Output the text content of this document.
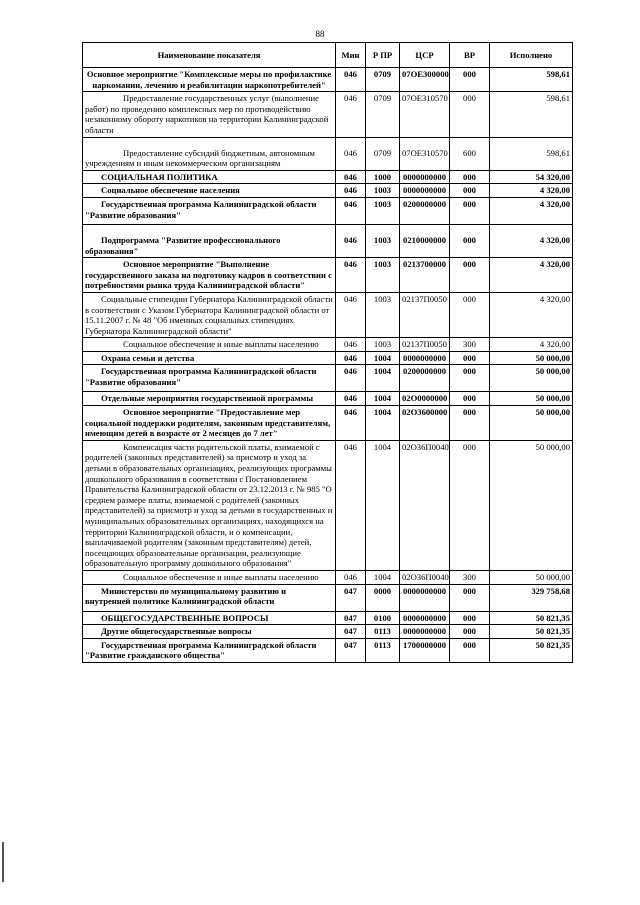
88
Наименование показателя	Мин	Р ПР	ЦСР	ВР	Исполнено
Основное мероприятие "Комплексные меры по профилактике наркомании, лечению и реабилитации наркопотребителей"	046	0709	07ОЕ300000	000	598,61
Предоставление государственных услуг (выполнение работ) по проведению комплексных мер по противодействию незаконному обороту наркотиков на территории Калининградской области	046	0709	07ОЕ310570	000	598,61
Предоставление субсидий бюджетным, автономным учреждениям и иным некоммерческим организациям	046	0709	07ОЕ310570	600	598,61
СОЦИАЛЬНАЯ ПОЛИТИКА	046	1000	0000000000	000	54 320,00
Социальное обеспечение населения	046	1003	0000000000	000	4 320,00
Государственная программа Калининградской области "Развитие образования"	046	1003	0200000000	000	4 320,00
Подпрограмма "Развитие профессионального образования"	046	1003	0210000000	000	4 320,00
Основное мероприятие "Выполнение государственного заказа на подготовку кадров в соответствии с потребностями рынка труда Калининградской области"	046	1003	0213700000	000	4 320,00
Социальные стипендии Губернатора Калининградской области в соответствии с Указом Губернатора Калининградской области от 15.11.2007 г. № 48 "Об именных социальных стипендиях Губернатора Калининградской области"	046	1003	02137П0050	000	4 320,00
Социальное обеспечение и иные выплаты населению	046	1003	02137П0050	300	4 320,00
Охрана семьи и детства	046	1004	0000000000	000	50 000,00
Государственная программа Калининградской области "Развитие образования"	046	1004	0200000000	000	50 000,00
Отдельные мероприятия государственной программы	046	1004	02О0000000	000	50 000,00
Основное мероприятие "Предоставление мер социальной поддержки родителям, законным представителям, имеющим детей в возрасте от 2 месяцев до 7 лет"	046	1004	02О3600000	000	50 000,00
Компенсация части родительской платы, взимаемой с родителей (законных представителей) за присмотр и уход за детьми в образовательных организациях, реализующих программы дошкольного образования в соответствии с Постановлением Правительства Калининградской области от 23.12.2013 г. № 985 "О среднем размере платы, взимаемой с родителей (законных представителей) за присмотр и уход за детьми в государственных и муниципальных образовательных организациях, находящихся на территории Калининградской области, и о компенсации, выплачиваемой родителям (законным представителям) детей, посещающих образовательные организации, реализующие образовательную программу дошкольного образования"	046	1004	02О36П0040	000	50 000,00
Социальное обеспечение и иные выплаты населению	046	1004	02О36П0040	300	50 000,00
Министерство по муниципальному развитию и внутренней политике Калининградской области	047	0000	0000000000	000	329 758,68
ОБЩЕГОСУДАРСТВЕННЫЕ ВОПРОСЫ	047	0100	0000000000	000	50 821,35
Другие общегосударственные вопросы	047	0113	0000000000	000	50 821,35
Государственная программа Калининградской области "Развитие гражданского общества"	047	0113	1700000000	000	50 821,35
